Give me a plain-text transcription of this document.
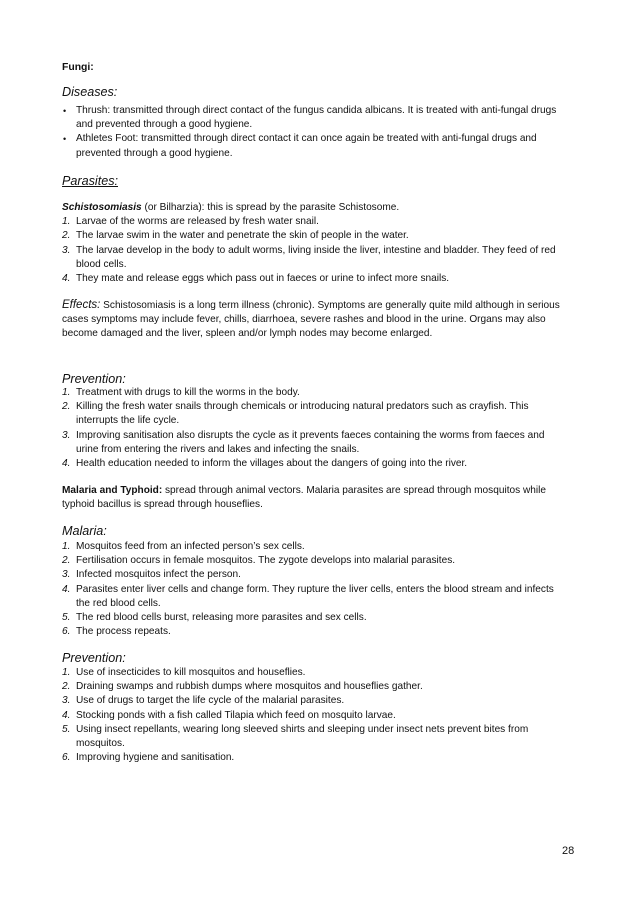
Fungi:
Diseases:
• Thrush: transmitted through direct contact of the fungus candida albicans. It is treated with anti-fungal drugs and prevented through a good hygiene.
• Athletes Foot: transmitted through direct contact it can once again be treated with anti-fungal drugs and prevented through a good hygiene.
Parasites:

Schistosomiasis (or Bilharzia): this is spread by the parasite Schistosome.

1. Larvae of the worms are released by fresh water snail.
2. The larvae swim in the water and penetrate the skin of people in the water.
3. The larvae develop in the body to adult worms, living inside the liver, intestine and bladder. They feed of red blood cells.
4. They mate and release eggs which pass out in faeces or urine to infect more snails.

Effects: Schistosomiasis is a long term illness (chronic). Symptoms are generally quite mild although in serious cases symptoms may include fever, chills, diarrhoea, severe rashes and blood in the urine. Organs may also become damaged and the liver, spleen and/or lymph nodes may become enlarged.

Prevention:
1. Treatment with drugs to kill the worms in the body.
2. Killing the fresh water snails through chemicals or introducing natural predators such as crayfish. This interrupts the life cycle.
3. Improving sanitisation also disrupts the cycle as it prevents faeces containing the worms from faeces and urine from entering the rivers and lakes and infecting the snails.
4. Health education needed to inform the villages about the dangers of going into the river.

Malaria and Typhoid: spread through animal vectors. Malaria parasites are spread through mosquitos while typhoid bacillus is spread through houseflies.

Malaria:
1. Mosquitos feed from an infected person’s sex cells.
2. Fertilisation occurs in female mosquitos. The zygote develops into malarial parasites.
3. Infected mosquitos infect the person.
4. Parasites enter liver cells and change form. They rupture the liver cells, enters the blood stream and infects the red blood cells.
5. The red blood cells burst, releasing more parasites and sex cells.
6. The process repeats.
Prevention:
1. Use of insecticides to kill mosquitos and houseflies.
2. Draining swamps and rubbish dumps where mosquitos and houseflies gather.
3. Use of drugs to target the life cycle of the malarial parasites.
4. Stocking ponds with a fish called Tilapia which feed on mosquito larvae.
5. Using insect repellants, wearing long sleeved shirts and sleeping under insect nets prevent bites from mosquitos.
6. Improving hygiene and sanitisation.
28
